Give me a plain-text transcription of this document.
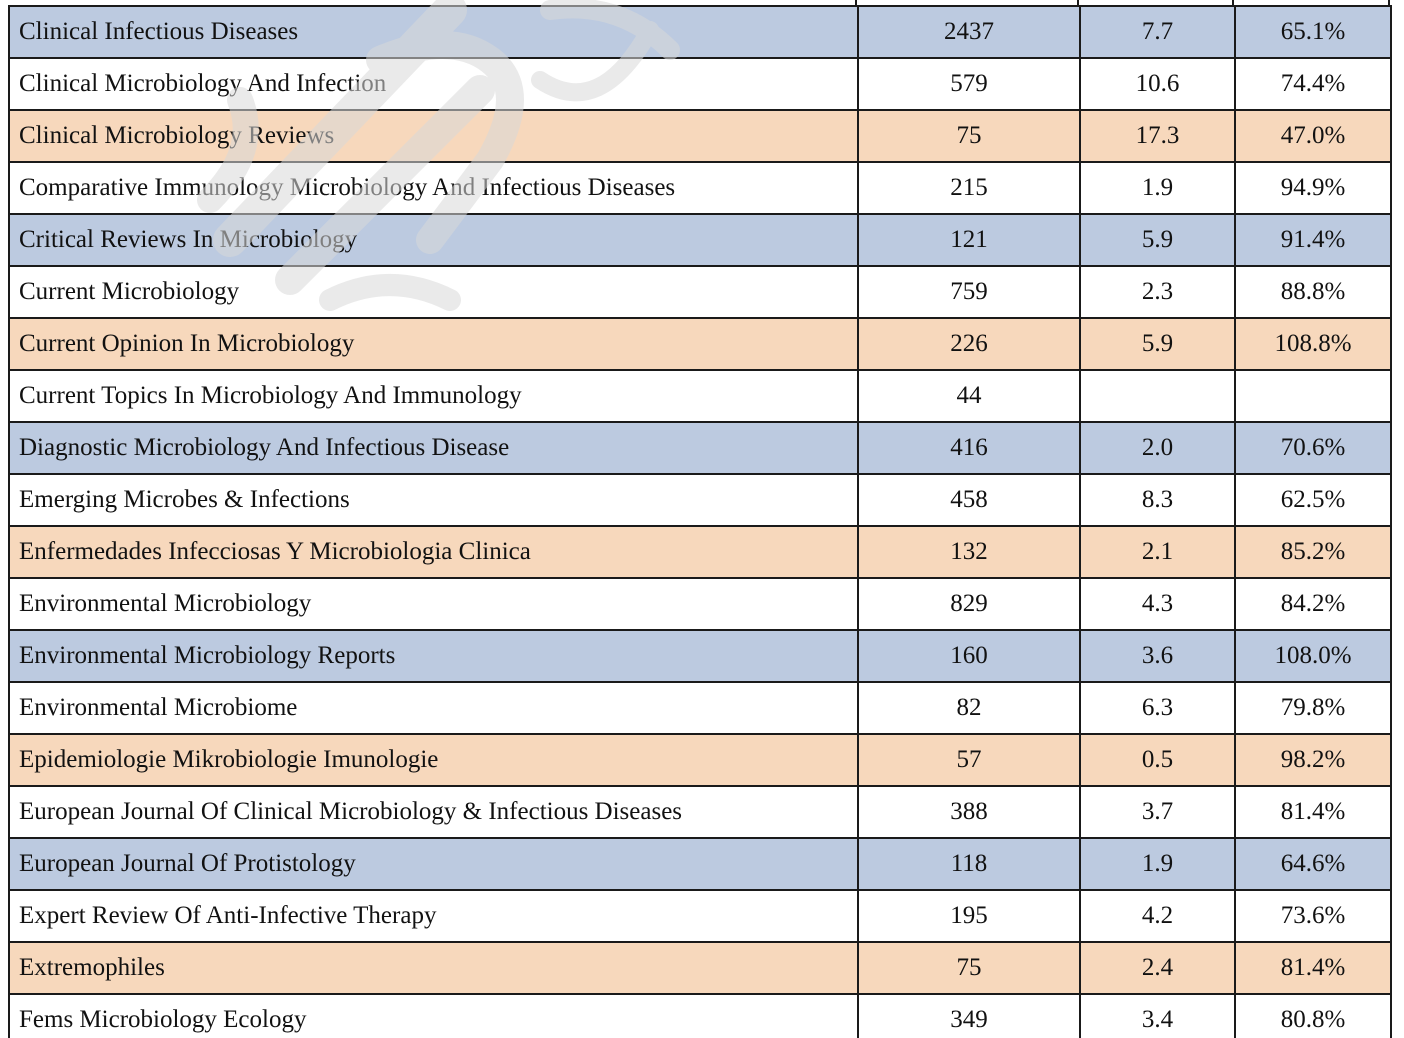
Clinical Infectious Diseases	2437	7.7	65.1%
Clinical Microbiology And Infection	579	10.6	74.4%
Clinical Microbiology Reviews	75	17.3	47.0%
Comparative Immunology Microbiology And Infectious Diseases	215	1.9	94.9%
Critical Reviews In Microbiology	121	5.9	91.4%
Current Microbiology	759	2.3	88.8%
Current Opinion In Microbiology	226	5.9	108.8%
Current Topics In Microbiology And Immunology	44		
Diagnostic Microbiology And Infectious Disease	416	2.0	70.6%
Emerging Microbes & Infections	458	8.3	62.5%
Enfermedades Infecciosas Y Microbiologia Clinica	132	2.1	85.2%
Environmental Microbiology	829	4.3	84.2%
Environmental Microbiology Reports	160	3.6	108.0%
Environmental Microbiome	82	6.3	79.8%
Epidemiologie Mikrobiologie Imunologie	57	0.5	98.2%
European Journal Of Clinical Microbiology & Infectious Diseases	388	3.7	81.4%
European Journal Of Protistology	118	1.9	64.6%
Expert Review Of Anti-Infective Therapy	195	4.2	73.6%
Extremophiles	75	2.4	81.4%
Fems Microbiology Ecology	349	3.4	80.8%
